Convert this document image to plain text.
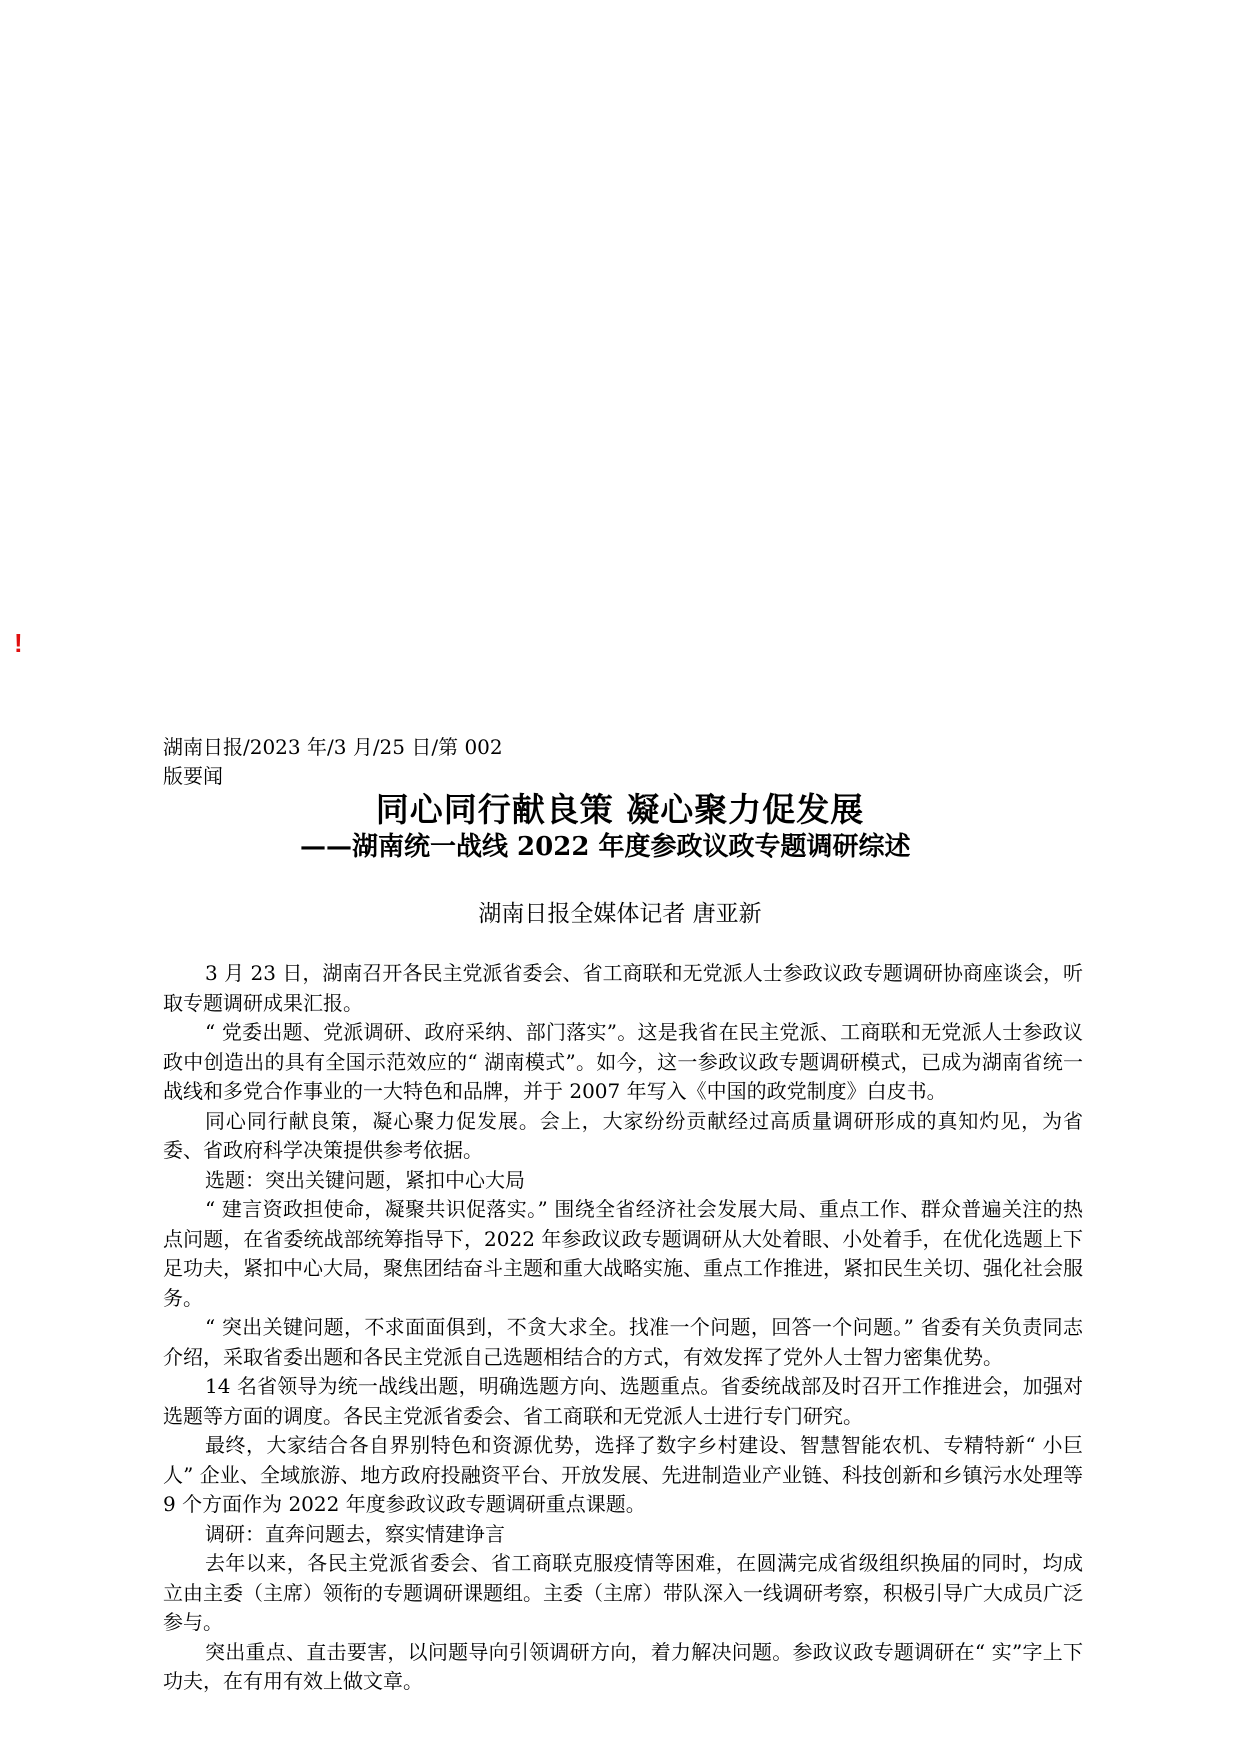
!
湖南日报/2023 年/3 月/25 日/第 002
版要闻
同心同行献良策 凝心聚力促发展
——湖南统一战线 2022 年度参政议政专题调研综述
湖南日报全媒体记者 唐亚新

3 月 23 日，湖南召开各民主党派省委会、省工商联和无党派人士参政议政专题调研协商座谈会，听取专题调研成果汇报。

“ 党委出题、党派调研、政府采纳、部门落实”。这是我省在民主党派、工商联和无党派人士参政议政中创造出的具有全国示范效应的“ 湖南模式”。如今，这一参政议政专题调研模式，已成为湖南省统一战线和多党合作事业的一大特色和品牌，并于 2007 年写入《中国的政党制度》白皮书。

同心同行献良策，凝心聚力促发展。会上，大家纷纷贡献经过高质量调研形成的真知灼见，为省委、省政府科学决策提供参考依据。

选题：突出关键问题，紧扣中心大局

“ 建言资政担使命，凝聚共识促落实。” 围绕全省经济社会发展大局、重点工作、群众普遍关注的热点问题，在省委统战部统筹指导下，2022 年参政议政专题调研从大处着眼、小处着手，在优化选题上下足功夫，紧扣中心大局，聚焦团结奋斗主题和重大战略实施、重点工作推进，紧扣民生关切、强化社会服务。

“ 突出关键问题，不求面面俱到，不贪大求全。找准一个问题，回答一个问题。” 省委有关负责同志介绍，采取省委出题和各民主党派自己选题相结合的方式，有效发挥了党外人士智力密集优势。

14 名省领导为统一战线出题，明确选题方向、选题重点。省委统战部及时召开工作推进会，加强对选题等方面的调度。各民主党派省委会、省工商联和无党派人士进行专门研究。

最终，大家结合各自界别特色和资源优势，选择了数字乡村建设、智慧智能农机、专精特新“ 小巨人” 企业、全域旅游、地方政府投融资平台、开放发展、先进制造业产业链、科技创新和乡镇污水处理等 9 个方面作为 2022 年度参政议政专题调研重点课题。

调研：直奔问题去，察实情建诤言

去年以来，各民主党派省委会、省工商联克服疫情等困难，在圆满完成省级组织换届的同时，均成立由主委（主席）领衔的专题调研课题组。主委（主席）带队深入一线调研考察，积极引导广大成员广泛参与。

突出重点、直击要害，以问题导向引领调研方向，着力解决问题。参政议政专题调研在“ 实”字上下功夫，在有用有效上做文章。
